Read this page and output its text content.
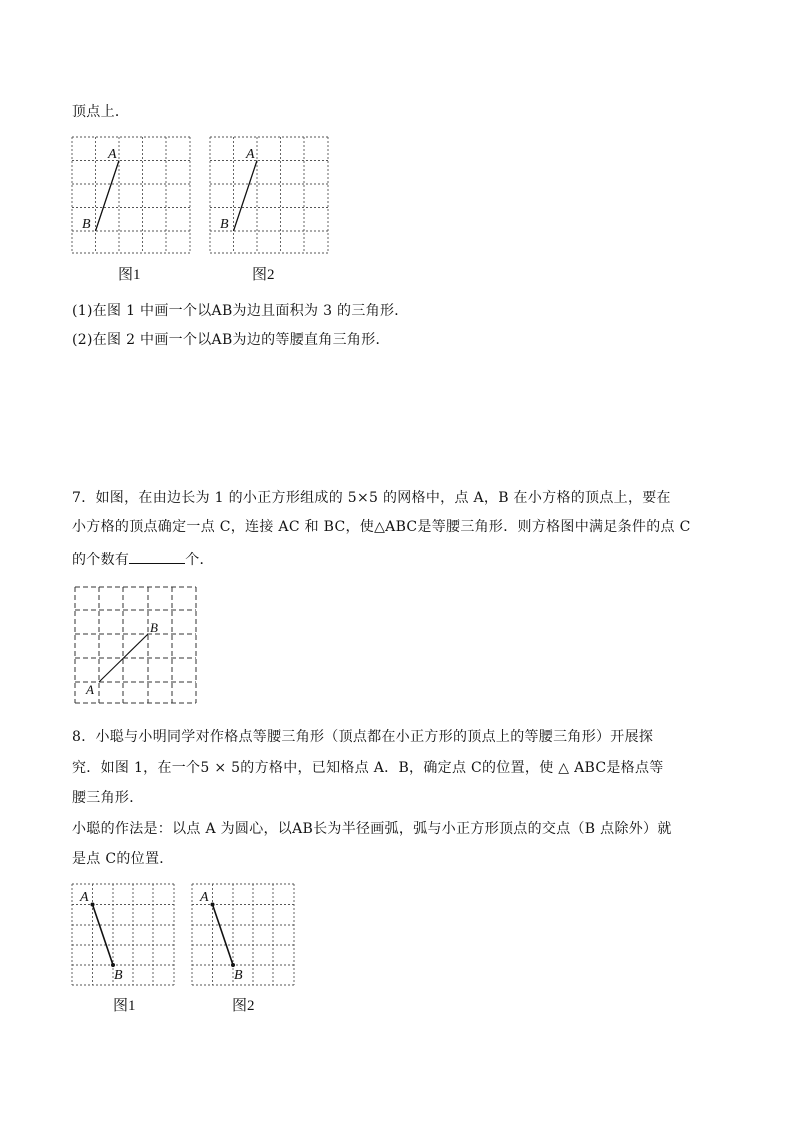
顶点上．
A
B
图1
A
B
图2
(1)在图 1 中画一个以AB为边且面积为 3 的三角形．
(2)在图 2 中画一个以AB为边的等腰直角三角形．
7．如图，在由边长为 1 的小正方形组成的 5×5 的网格中，点 A，B 在小方格的顶点上，要在
小方格的顶点确定一点 C，连接 AC 和 BC，使△ABC是等腰三角形．则方格图中满足条件的点 C
的个数有	个．
A
B
8．小聪与小明同学对作格点等腰三角形（顶点都在小正方形的顶点上的等腰三角形）开展探
究．如图 1，在一个5 × 5的方格中，已知格点 A．B，确定点 C的位置，使 △ ABC是格点等
腰三角形．
小聪的作法是：以点 A 为圆心，以AB长为半径画弧，弧与小正方形顶点的交点（B 点除外）就
是点 C的位置．
A
B
图1
A
B
图2
